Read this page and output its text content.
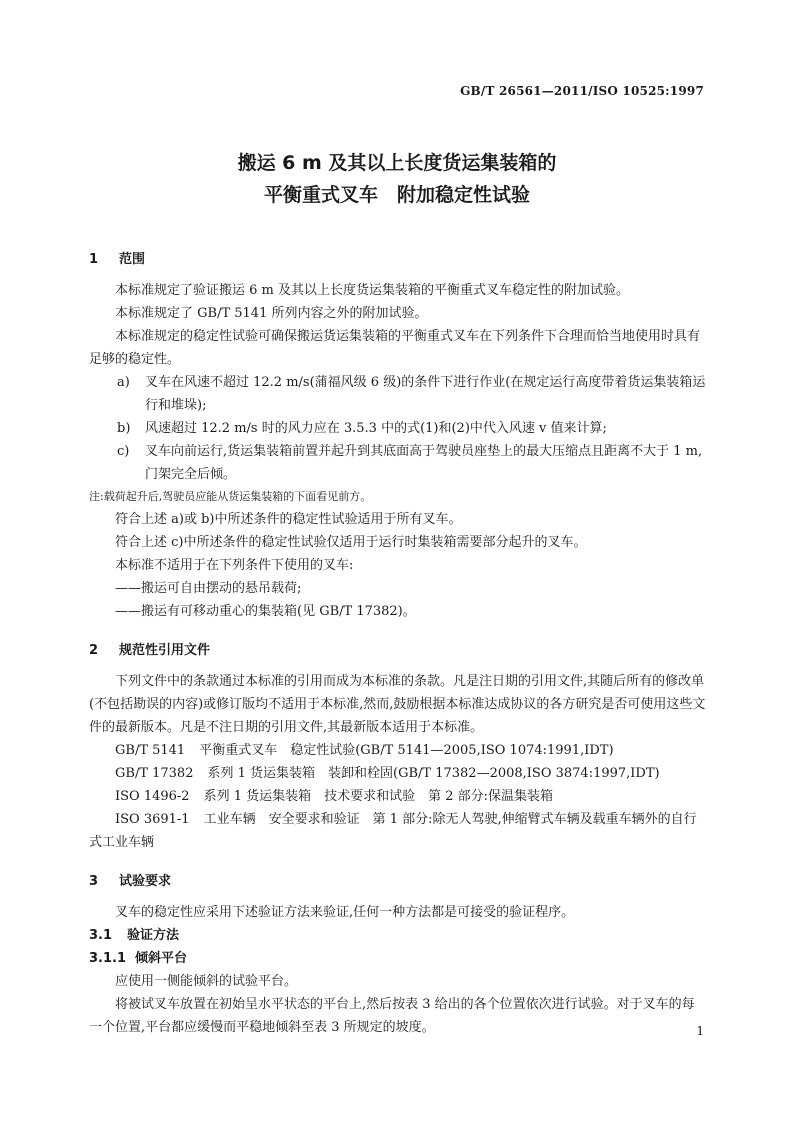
GB/T 26561—2011/ISO 10525:1997
搬运 6 m 及其以上长度货运集装箱的
平衡重式叉车　附加稳定性试验
1 范围

本标准规定了验证搬运 6 m 及其以上长度货运集装箱的平衡重式叉车稳定性的附加试验。

本标准规定了 GB/T 5141 所列内容之外的附加试验。

本标准规定的稳定性试验可确保搬运货运集装箱的平衡重式叉车在下列条件下合理而恰当地使用时具有足够的稳定性。

a) 叉车在风速不超过 12.2 m/s(蒲福风级 6 级)的条件下进行作业(在规定运行高度带着货运集装箱运行和堆垛);
b) 风速超过 12.2 m/s 时的风力应在 3.5.3 中的式(1)和(2)中代入风速 v 值来计算;
c) 叉车向前运行,货运集装箱前置并起升到其底面高于驾驶员座垫上的最大压缩点且距离不大于 1 m,门架完全后倾。

注:载荷起升后,驾驶员应能从货运集装箱的下面看见前方。

符合上述 a)或 b)中所述条件的稳定性试验适用于所有叉车。

符合上述 c)中所述条件的稳定性试验仅适用于运行时集装箱需要部分起升的叉车。

本标准不适用于在下列条件下使用的叉车:

——搬运可自由摆动的悬吊载荷;

——搬运有可移动重心的集装箱(见 GB/T 17382)。

2 规范性引用文件

下列文件中的条款通过本标准的引用而成为本标准的条款。凡是注日期的引用文件,其随后所有的修改单(不包括勘误的内容)或修订版均不适用于本标准,然而,鼓励根据本标准达成协议的各方研究是否可使用这些文件的最新版本。凡是不注日期的引用文件,其最新版本适用于本标准。

GB/T 5141 平衡重式叉车　稳定性试验(GB/T 5141—2005,ISO 1074:1991,IDT)

GB/T 17382 系列 1 货运集装箱　装卸和栓固(GB/T 17382—2008,ISO 3874:1997,IDT)

ISO 1496-2 系列 1 货运集装箱　技术要求和试验　第 2 部分:保温集装箱

ISO 3691-1 工业车辆　安全要求和验证　第 1 部分:除无人驾驶,伸缩臂式车辆及载重车辆外的自行式工业车辆

3 试验要求

叉车的稳定性应采用下述验证方法来验证,任何一种方法都是可接受的验证程序。

3.1 验证方法
3.1.1 倾斜平台

应使用一侧能倾斜的试验平台。

将被试叉车放置在初始呈水平状态的平台上,然后按表 3 给出的各个位置依次进行试验。对于叉车的每一个位置,平台都应缓慢而平稳地倾斜至表 3 所规定的坡度。	1
